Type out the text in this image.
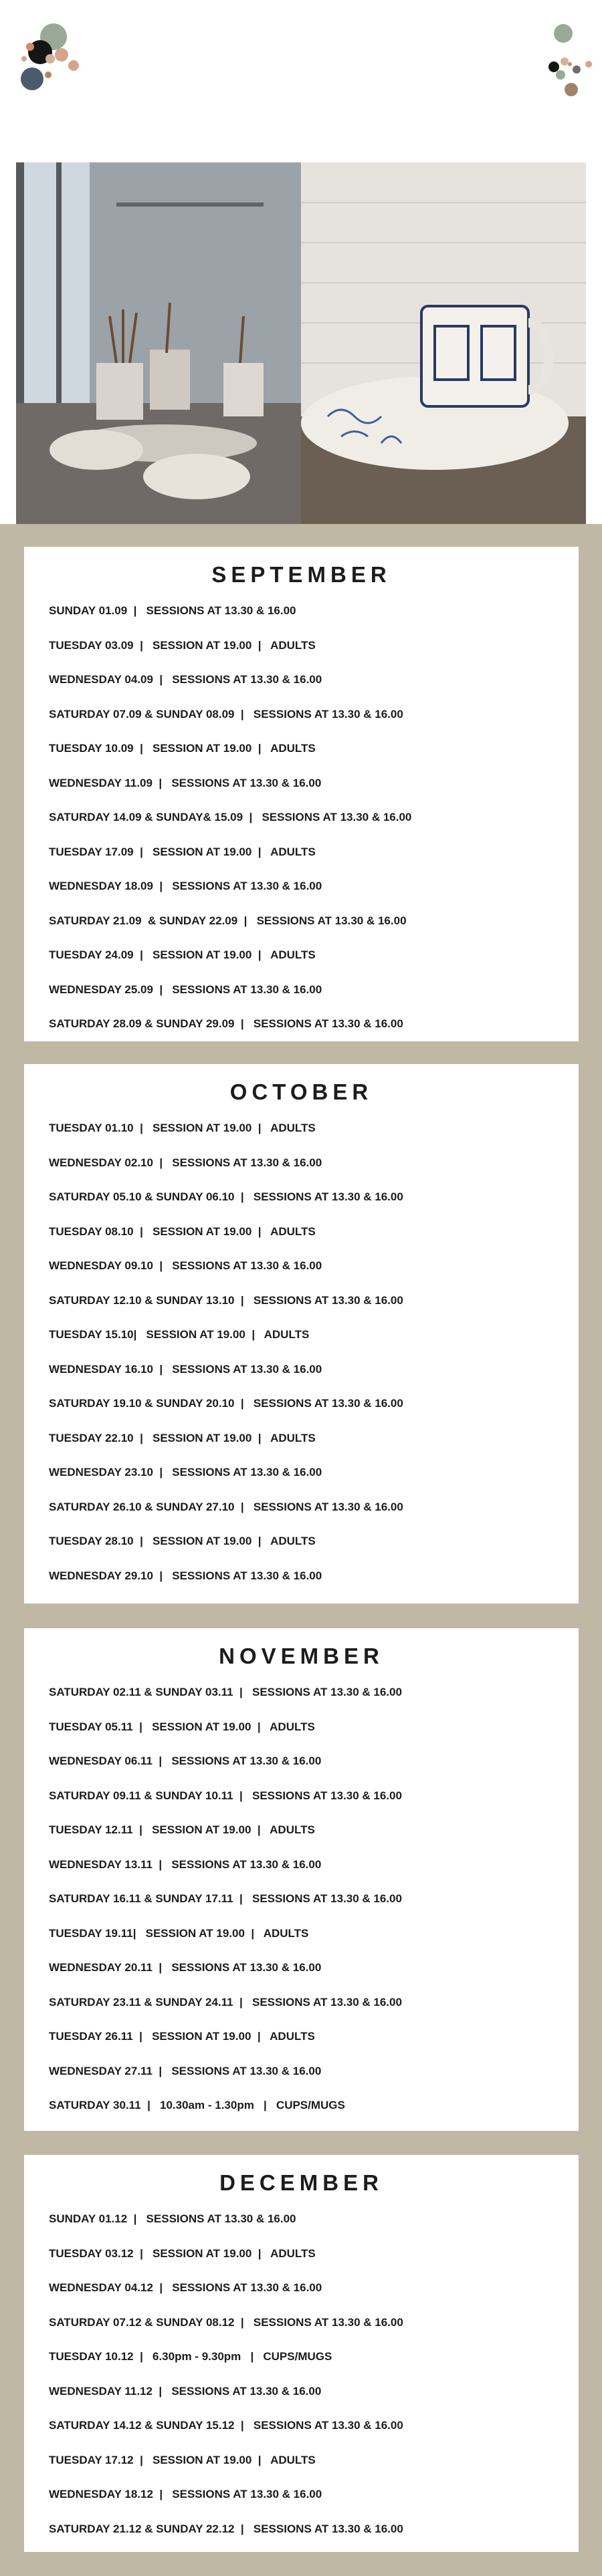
SEPTEMBER
SUNDAY 01.09  |   SESSIONS AT 13.30 & 16.00
TUESDAY 03.09  |   SESSION AT 19.00  |   ADULTS
WEDNESDAY 04.09  |   SESSIONS AT 13.30 & 16.00
SATURDAY 07.09 & SUNDAY 08.09  |   SESSIONS AT 13.30 & 16.00
TUESDAY 10.09  |   SESSION AT 19.00  |   ADULTS
WEDNESDAY 11.09  |   SESSIONS AT 13.30 & 16.00
SATURDAY 14.09 & SUNDAY& 15.09  |   SESSIONS AT 13.30 & 16.00
TUESDAY 17.09  |   SESSION AT 19.00  |   ADULTS
WEDNESDAY 18.09  |   SESSIONS AT 13.30 & 16.00
SATURDAY 21.09  & SUNDAY 22.09  |   SESSIONS AT 13.30 & 16.00
TUESDAY 24.09  |   SESSION AT 19.00  |   ADULTS
WEDNESDAY 25.09  |   SESSIONS AT 13.30 & 16.00
SATURDAY 28.09 & SUNDAY 29.09  |   SESSIONS AT 13.30 & 16.00
OCTOBER
TUESDAY 01.10  |   SESSION AT 19.00  |   ADULTS
WEDNESDAY 02.10  |   SESSIONS AT 13.30 & 16.00
SATURDAY 05.10 & SUNDAY 06.10  |   SESSIONS AT 13.30 & 16.00
TUESDAY 08.10  |   SESSION AT 19.00  |   ADULTS
WEDNESDAY 09.10  |   SESSIONS AT 13.30 & 16.00
SATURDAY 12.10 & SUNDAY 13.10  |   SESSIONS AT 13.30 & 16.00
TUESDAY 15.10|   SESSION AT 19.00  |   ADULTS
WEDNESDAY 16.10  |   SESSIONS AT 13.30 & 16.00
SATURDAY 19.10 & SUNDAY 20.10  |   SESSIONS AT 13.30 & 16.00
TUESDAY 22.10  |   SESSION AT 19.00  |   ADULTS
WEDNESDAY 23.10  |   SESSIONS AT 13.30 & 16.00
SATURDAY 26.10 & SUNDAY 27.10  |   SESSIONS AT 13.30 & 16.00
TUESDAY 28.10  |   SESSION AT 19.00  |   ADULTS
WEDNESDAY 29.10  |   SESSIONS AT 13.30 & 16.00
NOVEMBER
SATURDAY 02.11 & SUNDAY 03.11  |   SESSIONS AT 13.30 & 16.00
TUESDAY 05.11  |   SESSION AT 19.00  |   ADULTS
WEDNESDAY 06.11  |   SESSIONS AT 13.30 & 16.00
SATURDAY 09.11 & SUNDAY 10.11  |   SESSIONS AT 13.30 & 16.00
TUESDAY 12.11  |   SESSION AT 19.00  |   ADULTS
WEDNESDAY 13.11  |   SESSIONS AT 13.30 & 16.00
SATURDAY 16.11 & SUNDAY 17.11  |   SESSIONS AT 13.30 & 16.00
TUESDAY 19.11|   SESSION AT 19.00  |   ADULTS
WEDNESDAY 20.11  |   SESSIONS AT 13.30 & 16.00
SATURDAY 23.11 & SUNDAY 24.11  |   SESSIONS AT 13.30 & 16.00
TUESDAY 26.11  |   SESSION AT 19.00  |   ADULTS
WEDNESDAY 27.11  |   SESSIONS AT 13.30 & 16.00
SATURDAY 30.11  |   10.30am - 1.30pm   |   CUPS/MUGS
DECEMBER
SUNDAY 01.12  |   SESSIONS AT 13.30 & 16.00
TUESDAY 03.12  |   SESSION AT 19.00  |   ADULTS
WEDNESDAY 04.12  |   SESSIONS AT 13.30 & 16.00
SATURDAY 07.12 & SUNDAY 08.12  |   SESSIONS AT 13.30 & 16.00
TUESDAY 10.12  |   6.30pm - 9.30pm   |   CUPS/MUGS
WEDNESDAY 11.12  |   SESSIONS AT 13.30 & 16.00
SATURDAY 14.12 & SUNDAY 15.12  |   SESSIONS AT 13.30 & 16.00
TUESDAY 17.12  |   SESSION AT 19.00  |   ADULTS
WEDNESDAY 18.12  |   SESSIONS AT 13.30 & 16.00
SATURDAY 21.12 & SUNDAY 22.12  |   SESSIONS AT 13.30 & 16.00
